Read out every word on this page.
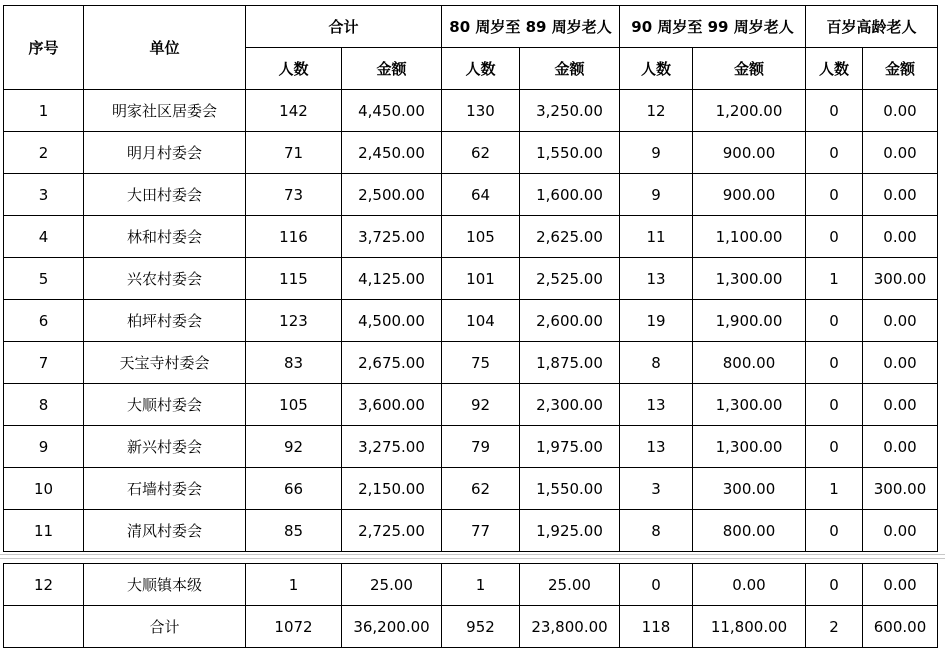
序号	单位	合计		80 周岁至 89 周岁老人		90 周岁至 99 周岁老人		百岁高龄老人	
		人数	金额	人数	金额	人数	金额	人数	金额
1	明家社区居委会	142	4,450.00	130	3,250.00	12	1,200.00	0	0.00
2	明月村委会	71	2,450.00	62	1,550.00	9	900.00	0	0.00
3	大田村委会	73	2,500.00	64	1,600.00	9	900.00	0	0.00
4	林和村委会	116	3,725.00	105	2,625.00	11	1,100.00	0	0.00
5	兴农村委会	115	4,125.00	101	2,525.00	13	1,300.00	1	300.00
6	柏坪村委会	123	4,500.00	104	2,600.00	19	1,900.00	0	0.00
7	天宝寺村委会	83	2,675.00	75	1,875.00	8	800.00	0	0.00
8	大顺村委会	105	3,600.00	92	2,300.00	13	1,300.00	0	0.00
9	新兴村委会	92	3,275.00	79	1,975.00	13	1,300.00	0	0.00
10	石墙村委会	66	2,150.00	62	1,550.00	3	300.00	1	300.00
11	清风村委会	85	2,725.00	77	1,925.00	8	800.00	0	0.00
12	大顺镇本级	1	25.00	1	25.00	0	0.00	0	0.00
	合计	1072	36,200.00	952	23,800.00	118	11,800.00	2	600.00
